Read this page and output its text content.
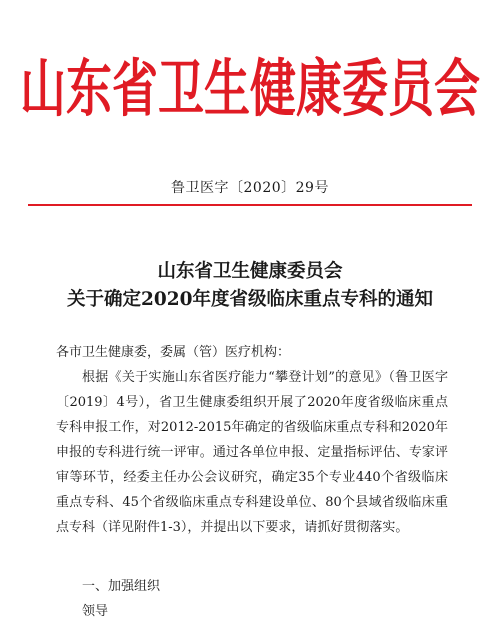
山东省卫生健康委员会
鲁卫医字〔2020〕29号
山东省卫生健康委员会
关于确定2020年度省级临床重点专科的通知

各市卫生健康委，委属（管）医疗机构：

根据《关于实施山东省医疗能力“攀登计划”的意见》（鲁卫医字〔2019〕4号），省卫生健康委组织开展了2020年度省级临床重点专科申报工作，对2012-2015年确定的省级临床重点专科和2020年申报的专科进行统一评审。通过各单位申报、定量指标评估、专家评审等环节，经委主任办公会议研究，确定35个专业440个省级临床重点专科、45个省级临床重点专科建设单位、80个县域省级临床重点专科（详见附件1-3），并提出以下要求，请抓好贯彻落实。

一、加强组织领导
